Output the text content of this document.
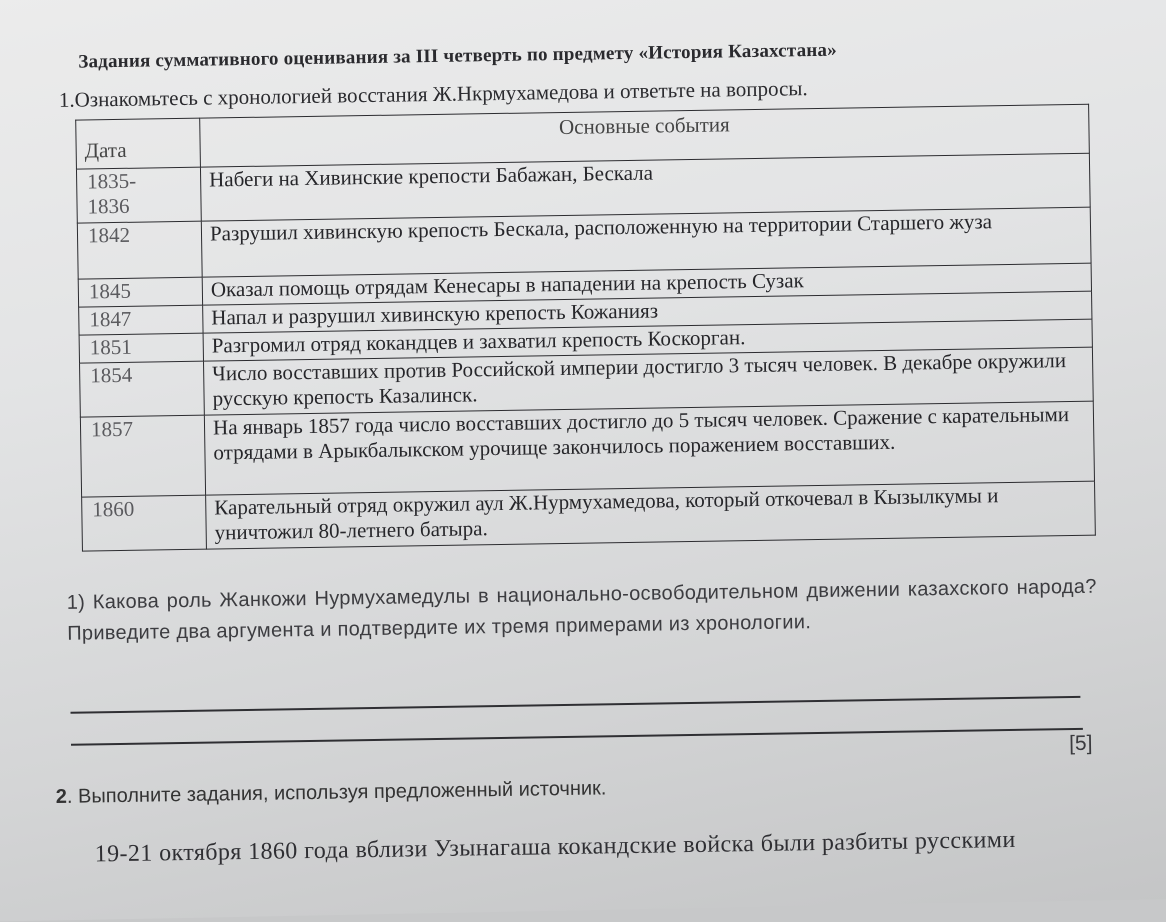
Задания суммативного оценивания за III четверть по предмету «История Казахстана»
1.Ознакомьтесь с хронологией восстания Ж.Нкрмухамедова и ответьте на вопросы.
Дата	Основные события
1835-
1836	Набеги на Хивинские крепости Бабажан, Бескала
1842	Разрушил хивинскую крепость Бескала, расположенную на территории Старшего жуза
1845	Оказал помощь отрядам Кенесары в нападении на крепость Сузак
1847	Напал и разрушил хивинскую крепость Кожанияз
1851	Разгромил отряд кокандцев и захватил крепость Коскорган.
1854	Число восставших против Российской империи достигло 3 тысяч человек. В декабре окружили русскую крепость Казалинск.
1857	На январь 1857 года число восставших достигло до 5 тысяч человек. Сражение с карательными отрядами в Арыкбалыкском урочище закончилось поражением восставших.
1860	Карательный отряд окружил аул Ж.Нурмухамедова, который откочевал в Кызылкумы и уничтожил 80-летнего батыра.
1) Какова роль Жанкожи Нурмухамедулы в национально-освободительном движении казахского народа? Приведите два аргумента и подтвердите их тремя примерами из хронологии.
[5]
2. Выполните задания, используя предложенный источник.
19-21 октября 1860 года вблизи Узынагаша кокандские войска были разбиты русскими
